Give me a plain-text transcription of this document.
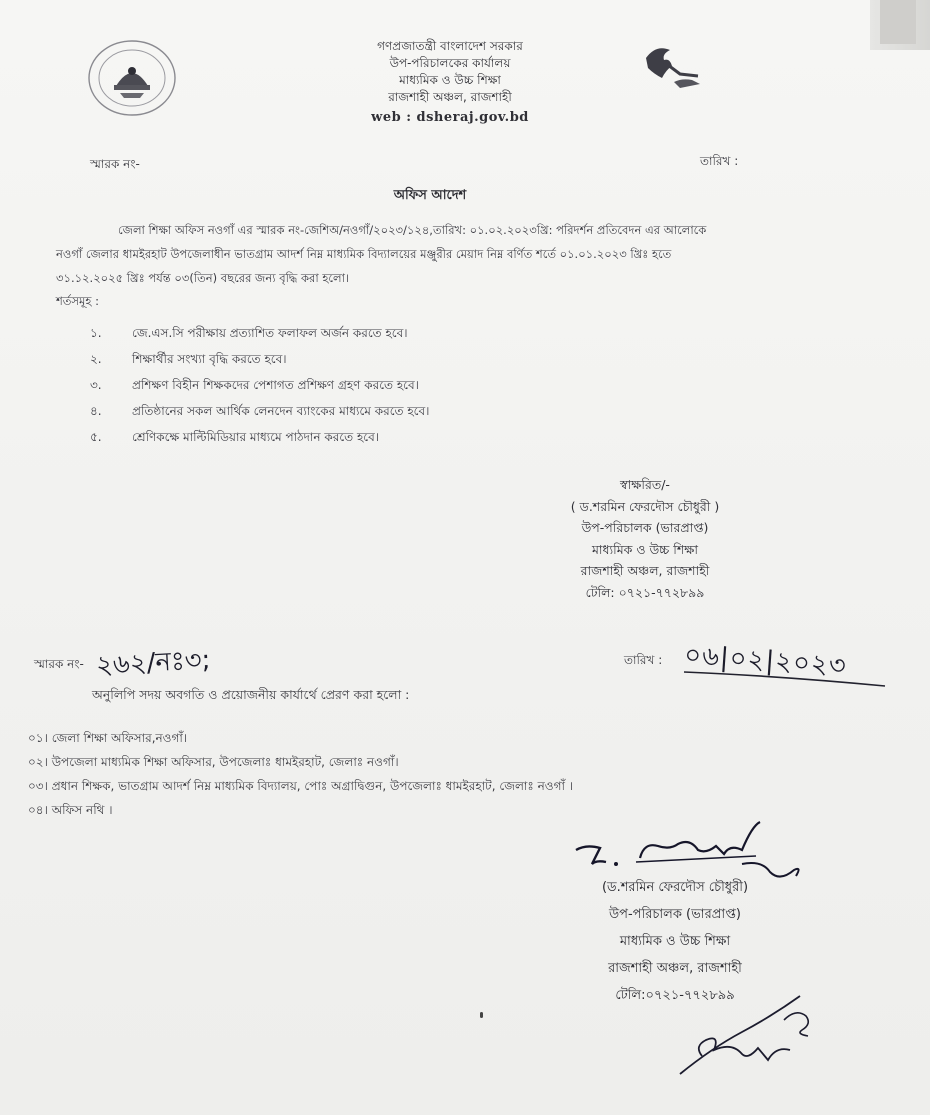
গণপ্রজাতন্ত্রী বাংলাদেশ সরকার
উপ-পরিচালকের কার্যালয়
মাধ্যমিক ও উচ্চ শিক্ষা
রাজশাহী অঞ্চল, রাজশাহী
web : dsheraj.gov.bd
স্মারক নং-	তারিখ :
অফিস আদেশ
জেলা শিক্ষা অফিস নওগাঁ এর স্মারক নং-জেশিঅ/নওগাঁ/২০২৩/১২৪,তারিখ: ০১.০২.২০২৩খ্রি: পরিদর্শন প্রতিবেদন এর আলোকে
নওগাঁ জেলার ধামইরহাট উপজেলাধীন ভাতগ্রাম আদর্শ নিম্ন মাধ্যমিক বিদ্যালয়ের মঞ্জুরীর মেয়াদ নিম্ন বর্ণিত শর্তে ০১.০১.২০২৩ খ্রিঃ হতে
৩১.১২.২০২৫ খ্রিঃ পর্যন্ত ০৩(তিন) বছরের জন্য বৃদ্ধি করা হলো।
শর্তসমূহ :
১.	জে.এস.সি পরীক্ষায় প্রত্যাশিত ফলাফল অর্জন করতে হবে।
২.	শিক্ষার্থীর সংখ্যা বৃদ্ধি করতে হবে।
৩.	প্রশিক্ষণ বিহীন শিক্ষকদের পেশাগত প্রশিক্ষণ গ্রহণ করতে হবে।
৪.	প্রতিষ্ঠানের সকল আর্থিক লেনদেন ব্যাংকের মাধ্যমে করতে হবে।
৫.	শ্রেণিকক্ষে মাল্টিমিডিয়ার মাধ্যমে পাঠদান করতে হবে।
স্বাক্ষরিত/-
( ড.শরমিন ফেরদৌস চৌধুরী )
উপ-পরিচালক (ভারপ্রাপ্ত)
মাধ্যমিক ও উচ্চ শিক্ষা
রাজশাহী অঞ্চল, রাজশাহী
টেলি: ০৭২১-৭৭২৮৯৯
স্মারক নং- ২৬২/নঃ৩;	তারিখ : ০৬|০২|২০২৩
অনুলিপি সদয় অবগতি ও প্রয়োজনীয় কার্যার্থে প্রেরণ করা হলো :
০১। জেলা শিক্ষা অফিসার,নওগাঁ।
০২। উপজেলা মাধ্যমিক শিক্ষা অফিসার, উপজেলাঃ ধামইরহাট, জেলাঃ নওগাঁ।
০৩। প্রধান শিক্ষক, ভাতগ্রাম আদর্শ নিম্ন মাধ্যমিক বিদ্যালয়, পোঃ অগ্রাদ্বিগুন, উপজেলাঃ ধামইরহাট, জেলাঃ নওগাঁ ।
০৪। অফিস নথি ।
(ড.শরমিন ফেরদৌস চৌধুরী)
উপ-পরিচালক (ভারপ্রাপ্ত)
মাধ্যমিক ও উচ্চ শিক্ষা
রাজশাহী অঞ্চল, রাজশাহী
টেলি:০৭২১-৭৭২৮৯৯
